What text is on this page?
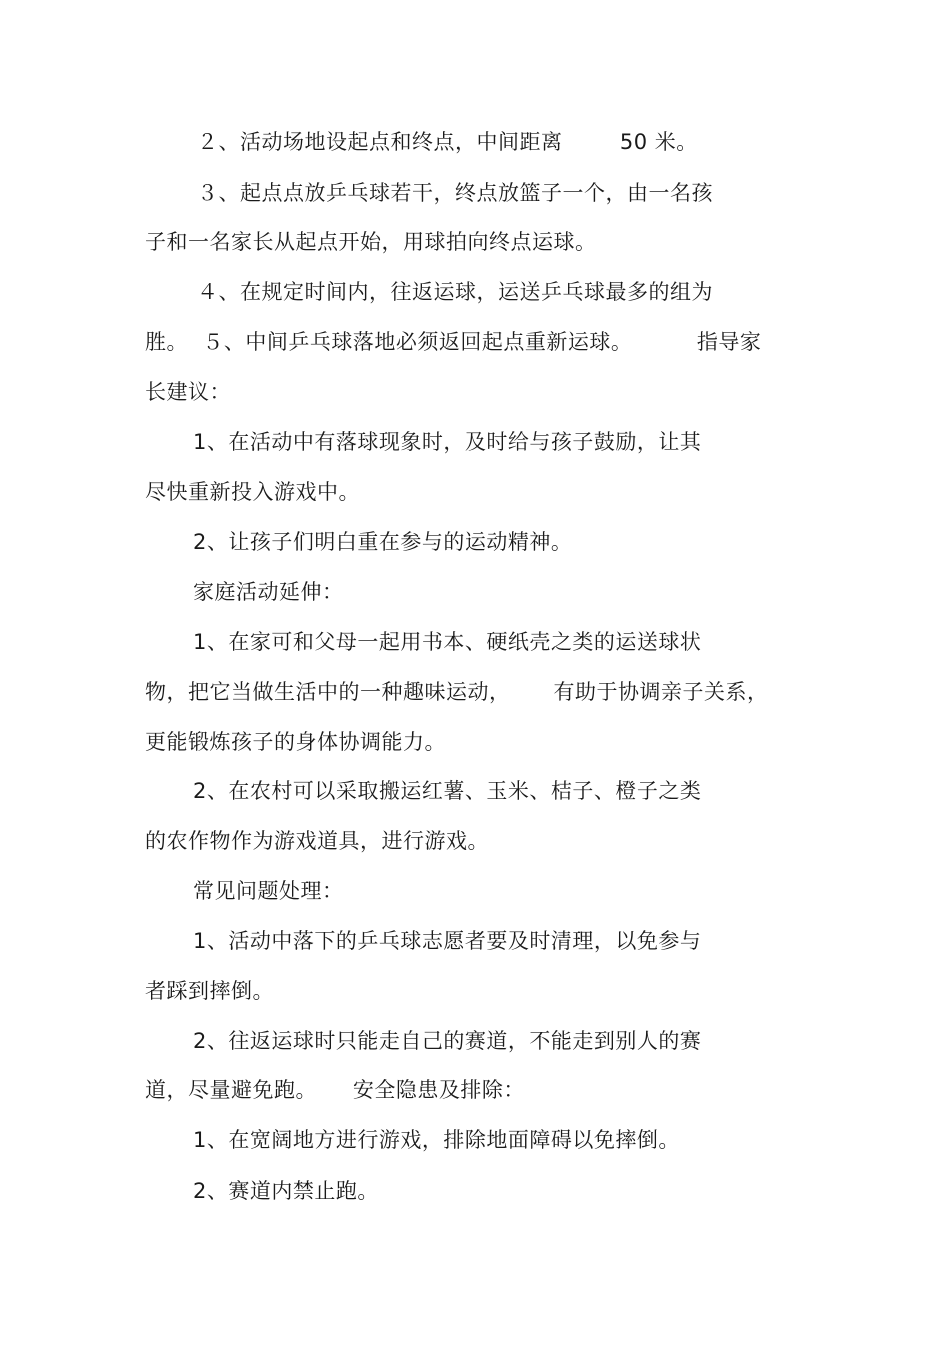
２、活动场地设起点和终点，中间距离        50 米。
３、起点点放乒乓球若干，终点放篮子一个，由一名孩
子和一名家长从起点开始，用球拍向终点运球。
４、在规定时间内，往返运球，运送乒乓球最多的组为
胜。  ５、中间乒乓球落地必须返回起点重新运球。         指导家
长建议：
1、在活动中有落球现象时，及时给与孩子鼓励，让其
尽快重新投入游戏中。
2、让孩子们明白重在参与的运动精神。
家庭活动延伸：
1、在家可和父母一起用书本、硬纸壳之类的运送球状
物，把它当做生活中的一种趣味运动，      有助于协调亲子关系，
更能锻炼孩子的身体协调能力。
2、在农村可以采取搬运红薯、玉米、桔子、橙子之类
的农作物作为游戏道具，进行游戏。
常见问题处理：
1、活动中落下的乒乓球志愿者要及时清理，以免参与
者踩到摔倒。
2、往返运球时只能走自己的赛道，不能走到别人的赛
道，尽量避免跑。     安全隐患及排除：
1、在宽阔地方进行游戏，排除地面障碍以免摔倒。
2、赛道内禁止跑。
